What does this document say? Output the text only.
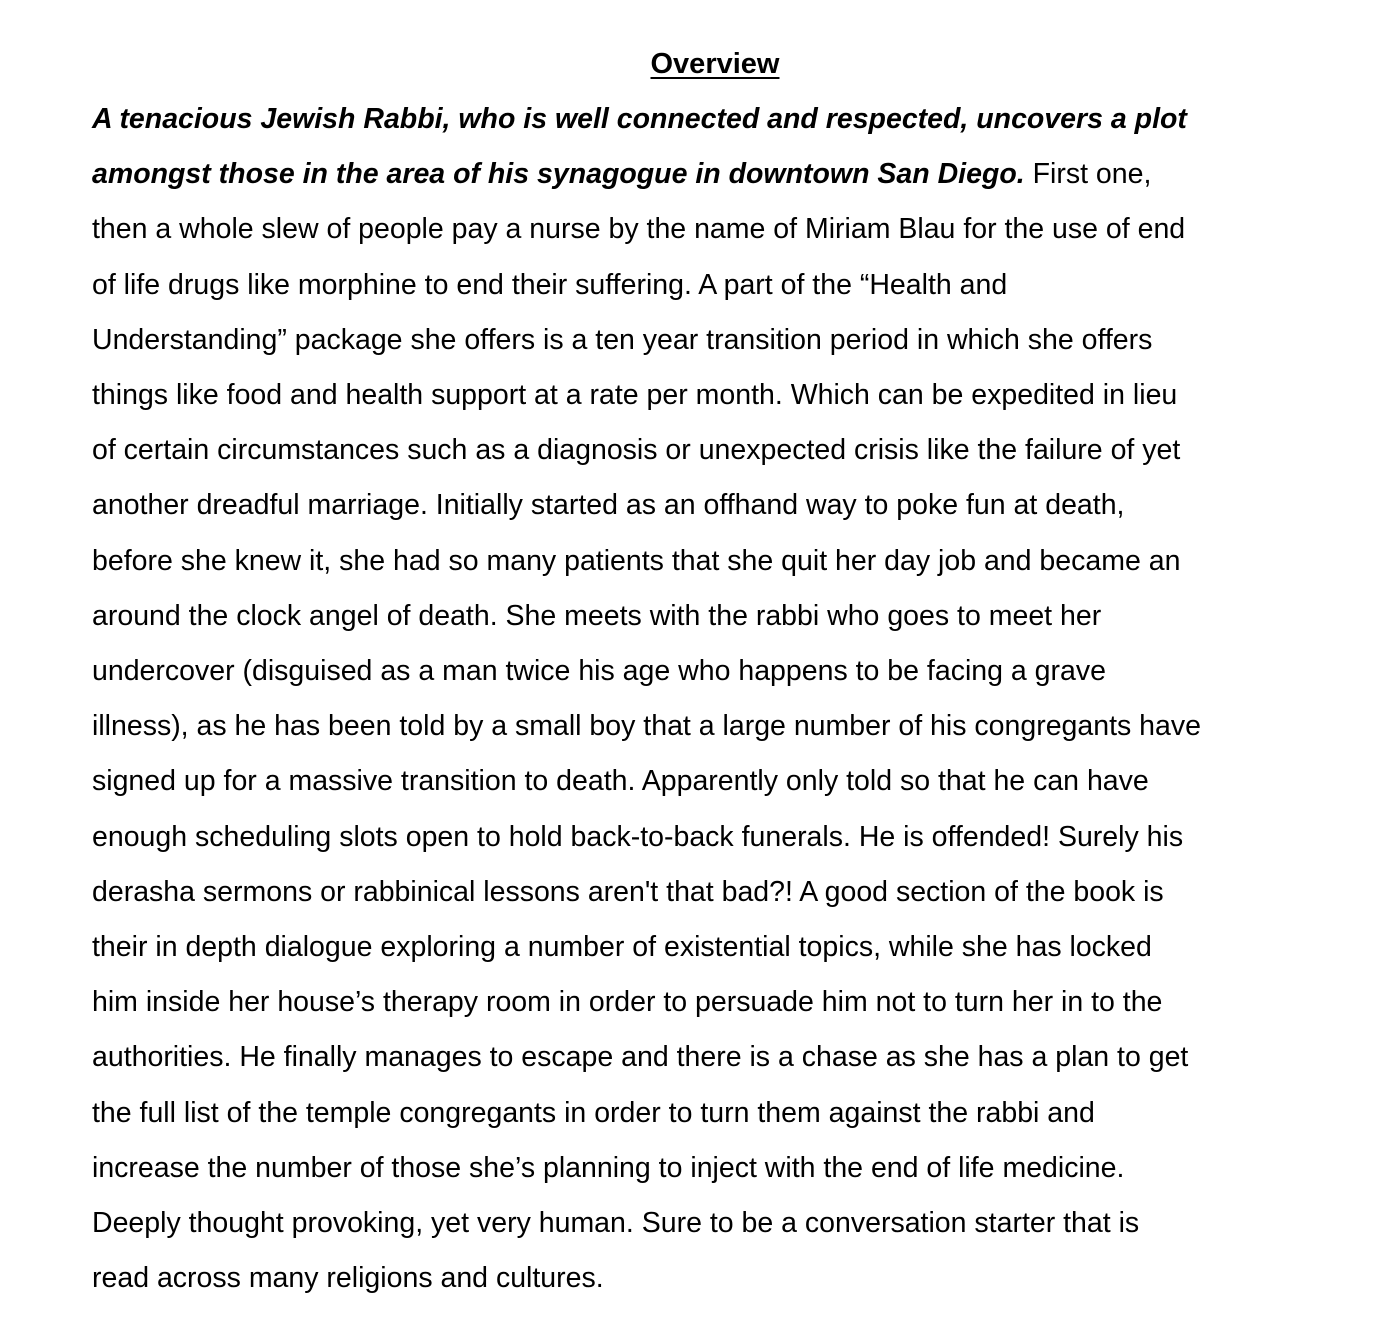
Overview
A tenacious Jewish Rabbi, who is well connected and respected, uncovers a plot
amongst those in the area of his synagogue in downtown San Diego. First one,
then a whole slew of people pay a nurse by the name of Miriam Blau for the use of end
of life drugs like morphine to end their suffering. A part of the “Health and
Understanding” package she offers is a ten year transition period in which she offers
things like food and health support at a rate per month. Which can be expedited in lieu
of certain circumstances such as a diagnosis or unexpected crisis like the failure of yet
another dreadful marriage. Initially started as an offhand way to poke fun at death,
before she knew it, she had so many patients that she quit her day job and became an
around the clock angel of death. She meets with the rabbi who goes to meet her
undercover (disguised as a man twice his age who happens to be facing a grave
illness), as he has been told by a small boy that a large number of his congregants have
signed up for a massive transition to death. Apparently only told so that he can have
enough scheduling slots open to hold back-to-back funerals. He is offended! Surely his
derasha sermons or rabbinical lessons aren't that bad?! A good section of the book is
their in depth dialogue exploring a number of existential topics, while she has locked
him inside her house’s therapy room in order to persuade him not to turn her in to the
authorities. He finally manages to escape and there is a chase as she has a plan to get
the full list of the temple congregants in order to turn them against the rabbi and
increase the number of those she’s planning to inject with the end of life medicine.
Deeply thought provoking, yet very human. Sure to be a conversation starter that is
read across many religions and cultures.
